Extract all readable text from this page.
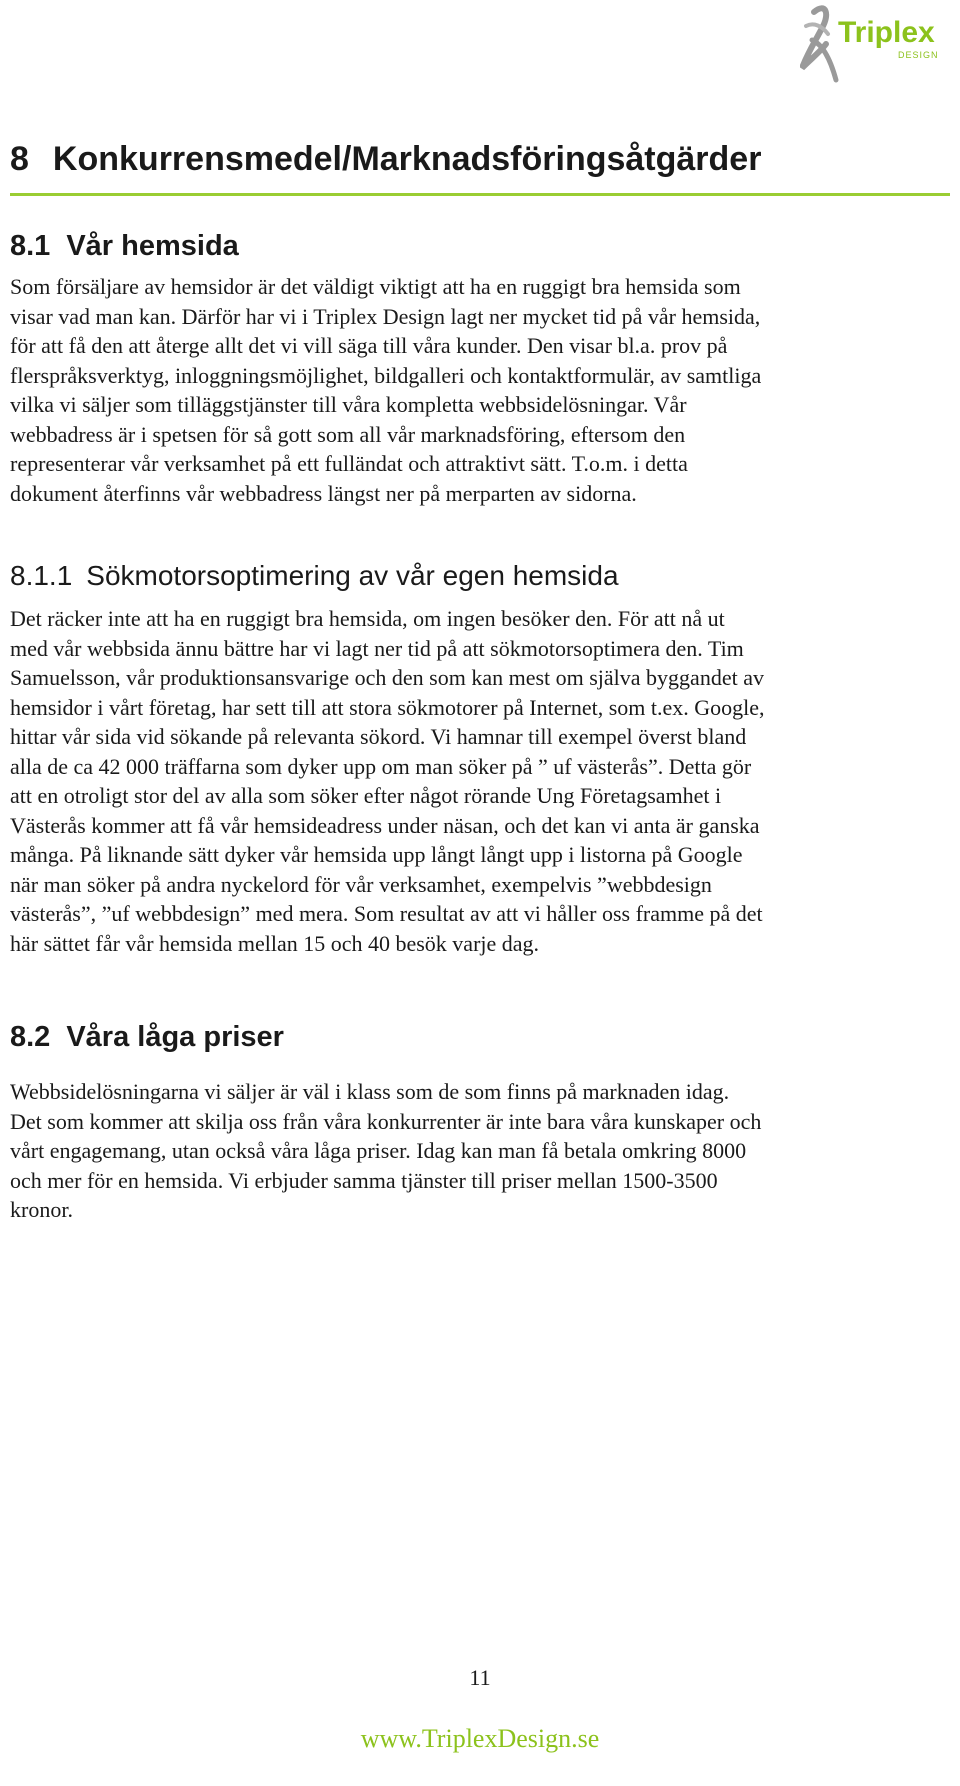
Triplex
DESIGN
8 Konkurrensmedel/Marknadsföringsåtgärder
8.1 Vår hemsida
Som försäljare av hemsidor är det väldigt viktigt att ha en ruggigt bra hemsida som
visar vad man kan. Därför har vi i Triplex Design lagt ner mycket tid på vår hemsida,
för att få den att återge allt det vi vill säga till våra kunder. Den visar bl.a. prov på
flerspråksverktyg, inloggningsmöjlighet, bildgalleri och kontaktformulär, av samtliga
vilka vi säljer som tilläggstjänster till våra kompletta webbsidelösningar. Vår
webbadress är i spetsen för så gott som all vår marknadsföring, eftersom den
representerar vår verksamhet på ett fulländat och attraktivt sätt. T.o.m. i detta
dokument återfinns vår webbadress längst ner på merparten av sidorna.
8.1.1 Sökmotorsoptimering av vår egen hemsida
Det räcker inte att ha en ruggigt bra hemsida, om ingen besöker den. För att nå ut
med vår webbsida ännu bättre har vi lagt ner tid på att sökmotorsoptimera den. Tim
Samuelsson, vår produktionsansvarige och den som kan mest om själva byggandet av
hemsidor i vårt företag, har sett till att stora sökmotorer på Internet, som t.ex. Google,
hittar vår sida vid sökande på relevanta sökord. Vi hamnar till exempel överst bland
alla de ca 42 000 träffarna som dyker upp om man söker på ” uf västerås”. Detta gör
att en otroligt stor del av alla som söker efter något rörande Ung Företagsamhet i
Västerås kommer att få vår hemsideadress under näsan, och det kan vi anta är ganska
många. På liknande sätt dyker vår hemsida upp långt långt upp i listorna på Google
när man söker på andra nyckelord för vår verksamhet, exempelvis ”webbdesign
västerås”, ”uf webbdesign” med mera. Som resultat av att vi håller oss framme på det
här sättet får vår hemsida mellan 15 och 40 besök varje dag.
8.2 Våra låga priser
Webbsidelösningarna vi säljer är väl i klass som de som finns på marknaden idag.
Det som kommer att skilja oss från våra konkurrenter är inte bara våra kunskaper och
vårt engagemang, utan också våra låga priser. Idag kan man få betala omkring 8000
och mer för en hemsida. Vi erbjuder samma tjänster till priser mellan 1500-3500
kronor.
11
www.TriplexDesign.se
